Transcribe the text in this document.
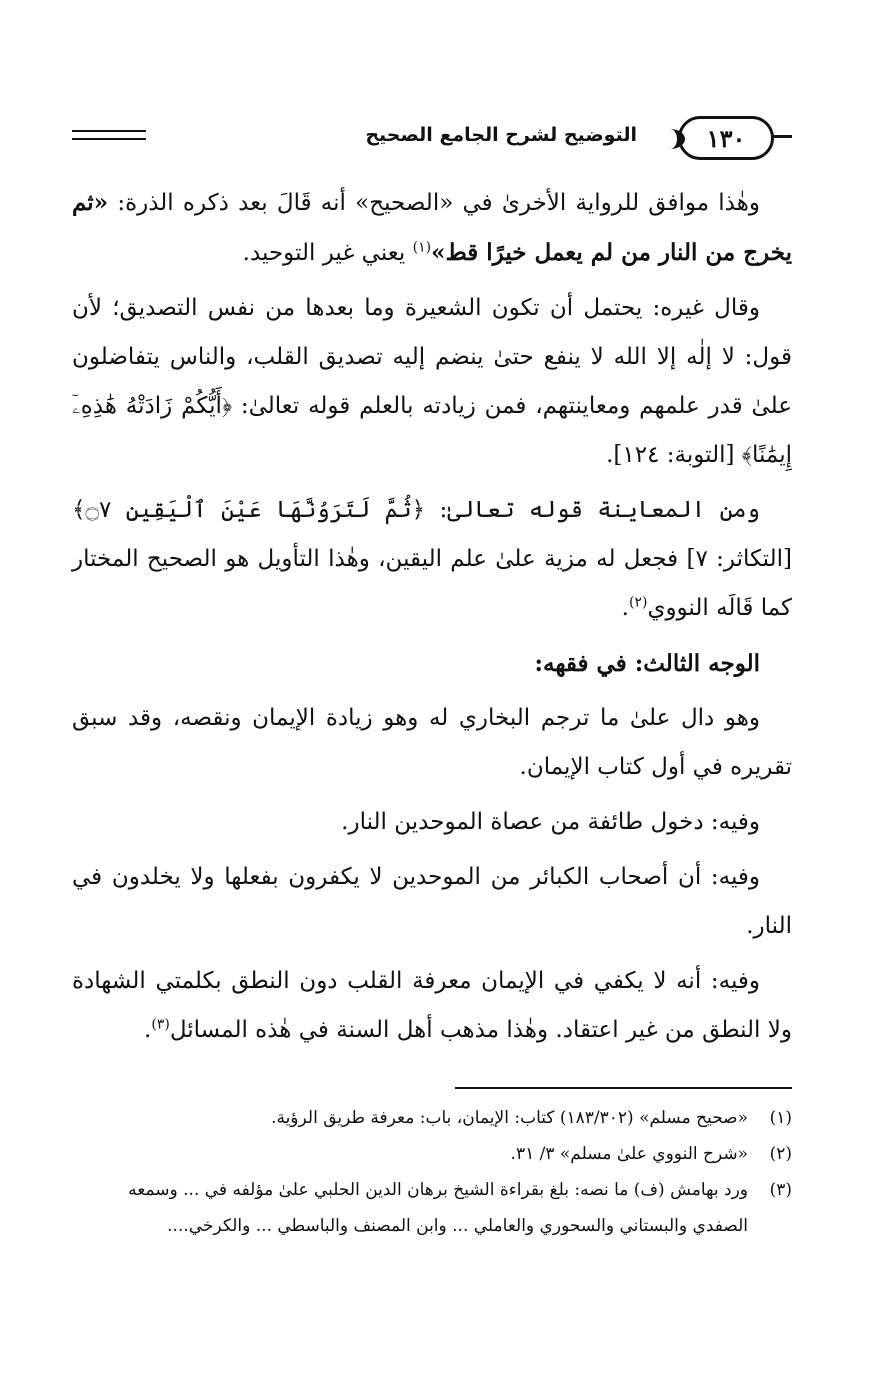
١٣٠
التوضيح لشرح الجامع الصحيح

وهٰذا موافق للرواية الأخرىٰ في «الصحيح» أنه قَالَ بعد ذكره الذرة: «ثم يخرج من النار من لم يعمل خيرًا قط»$^{(١)}$ يعني غير التوحيد.

وقال غيره: يحتمل أن تكون الشعيرة وما بعدها من نفس التصديق؛ لأن قول: لا إلٰه إلا الله لا ينفع حتىٰ ينضم إليه تصديق القلب، والناس يتفاضلون علىٰ قدر علمهم ومعاينتهم، فمن زيادته بالعلم قوله تعالىٰ: ﴿أَيُّكُمْ زَادَتْهُ هَٰذِهِۦٓ إِيمَٰنًا﴾ [التوبة: ١٢٤].

ومن المعاينة قوله تعالىٰ: ﴿ثُمَّ لَتَرَوُنَّهَا عَيْنَ ٱلْيَقِينِ ۝٧﴾ [التكاثر: ٧] فجعل له مزية علىٰ علم اليقين، وهٰذا التأويل هو الصحيح المختار كما قَالَه النووي$^{(٢)}$.

الوجه الثالث: في فقهه:

وهو دال علىٰ ما ترجم البخاري له وهو زيادة الإيمان ونقصه، وقد سبق تقريره في أول كتاب الإيمان.

وفيه: دخول طائفة من عصاة الموحدين النار.

وفيه: أن أصحاب الكبائر من الموحدين لا يكفرون بفعلها ولا يخلدون في النار.

وفيه: أنه لا يكفي في الإيمان معرفة القلب دون النطق بكلمتي الشهادة ولا النطق من غير اعتقاد. وهٰذا مذهب أهل السنة في هٰذه المسائل$^{(٣)}$.

(١)
«صحيح مسلم» (١٨٣/٣٠٢) كتاب: الإيمان، باب: معرفة طريق الرؤية.
(٢)
«شرح النووي علىٰ مسلم» ٣/ ٣١.
(٣)
ورد بهامش (ف) ما نصه: بلغ بقراءة الشيخ برهان الدين الحلبي علىٰ مؤلفه في ... وسمعه الصفدي والبستاني والسحوري والعاملي ... وابن المصنف والباسطي ... والكرخي....
